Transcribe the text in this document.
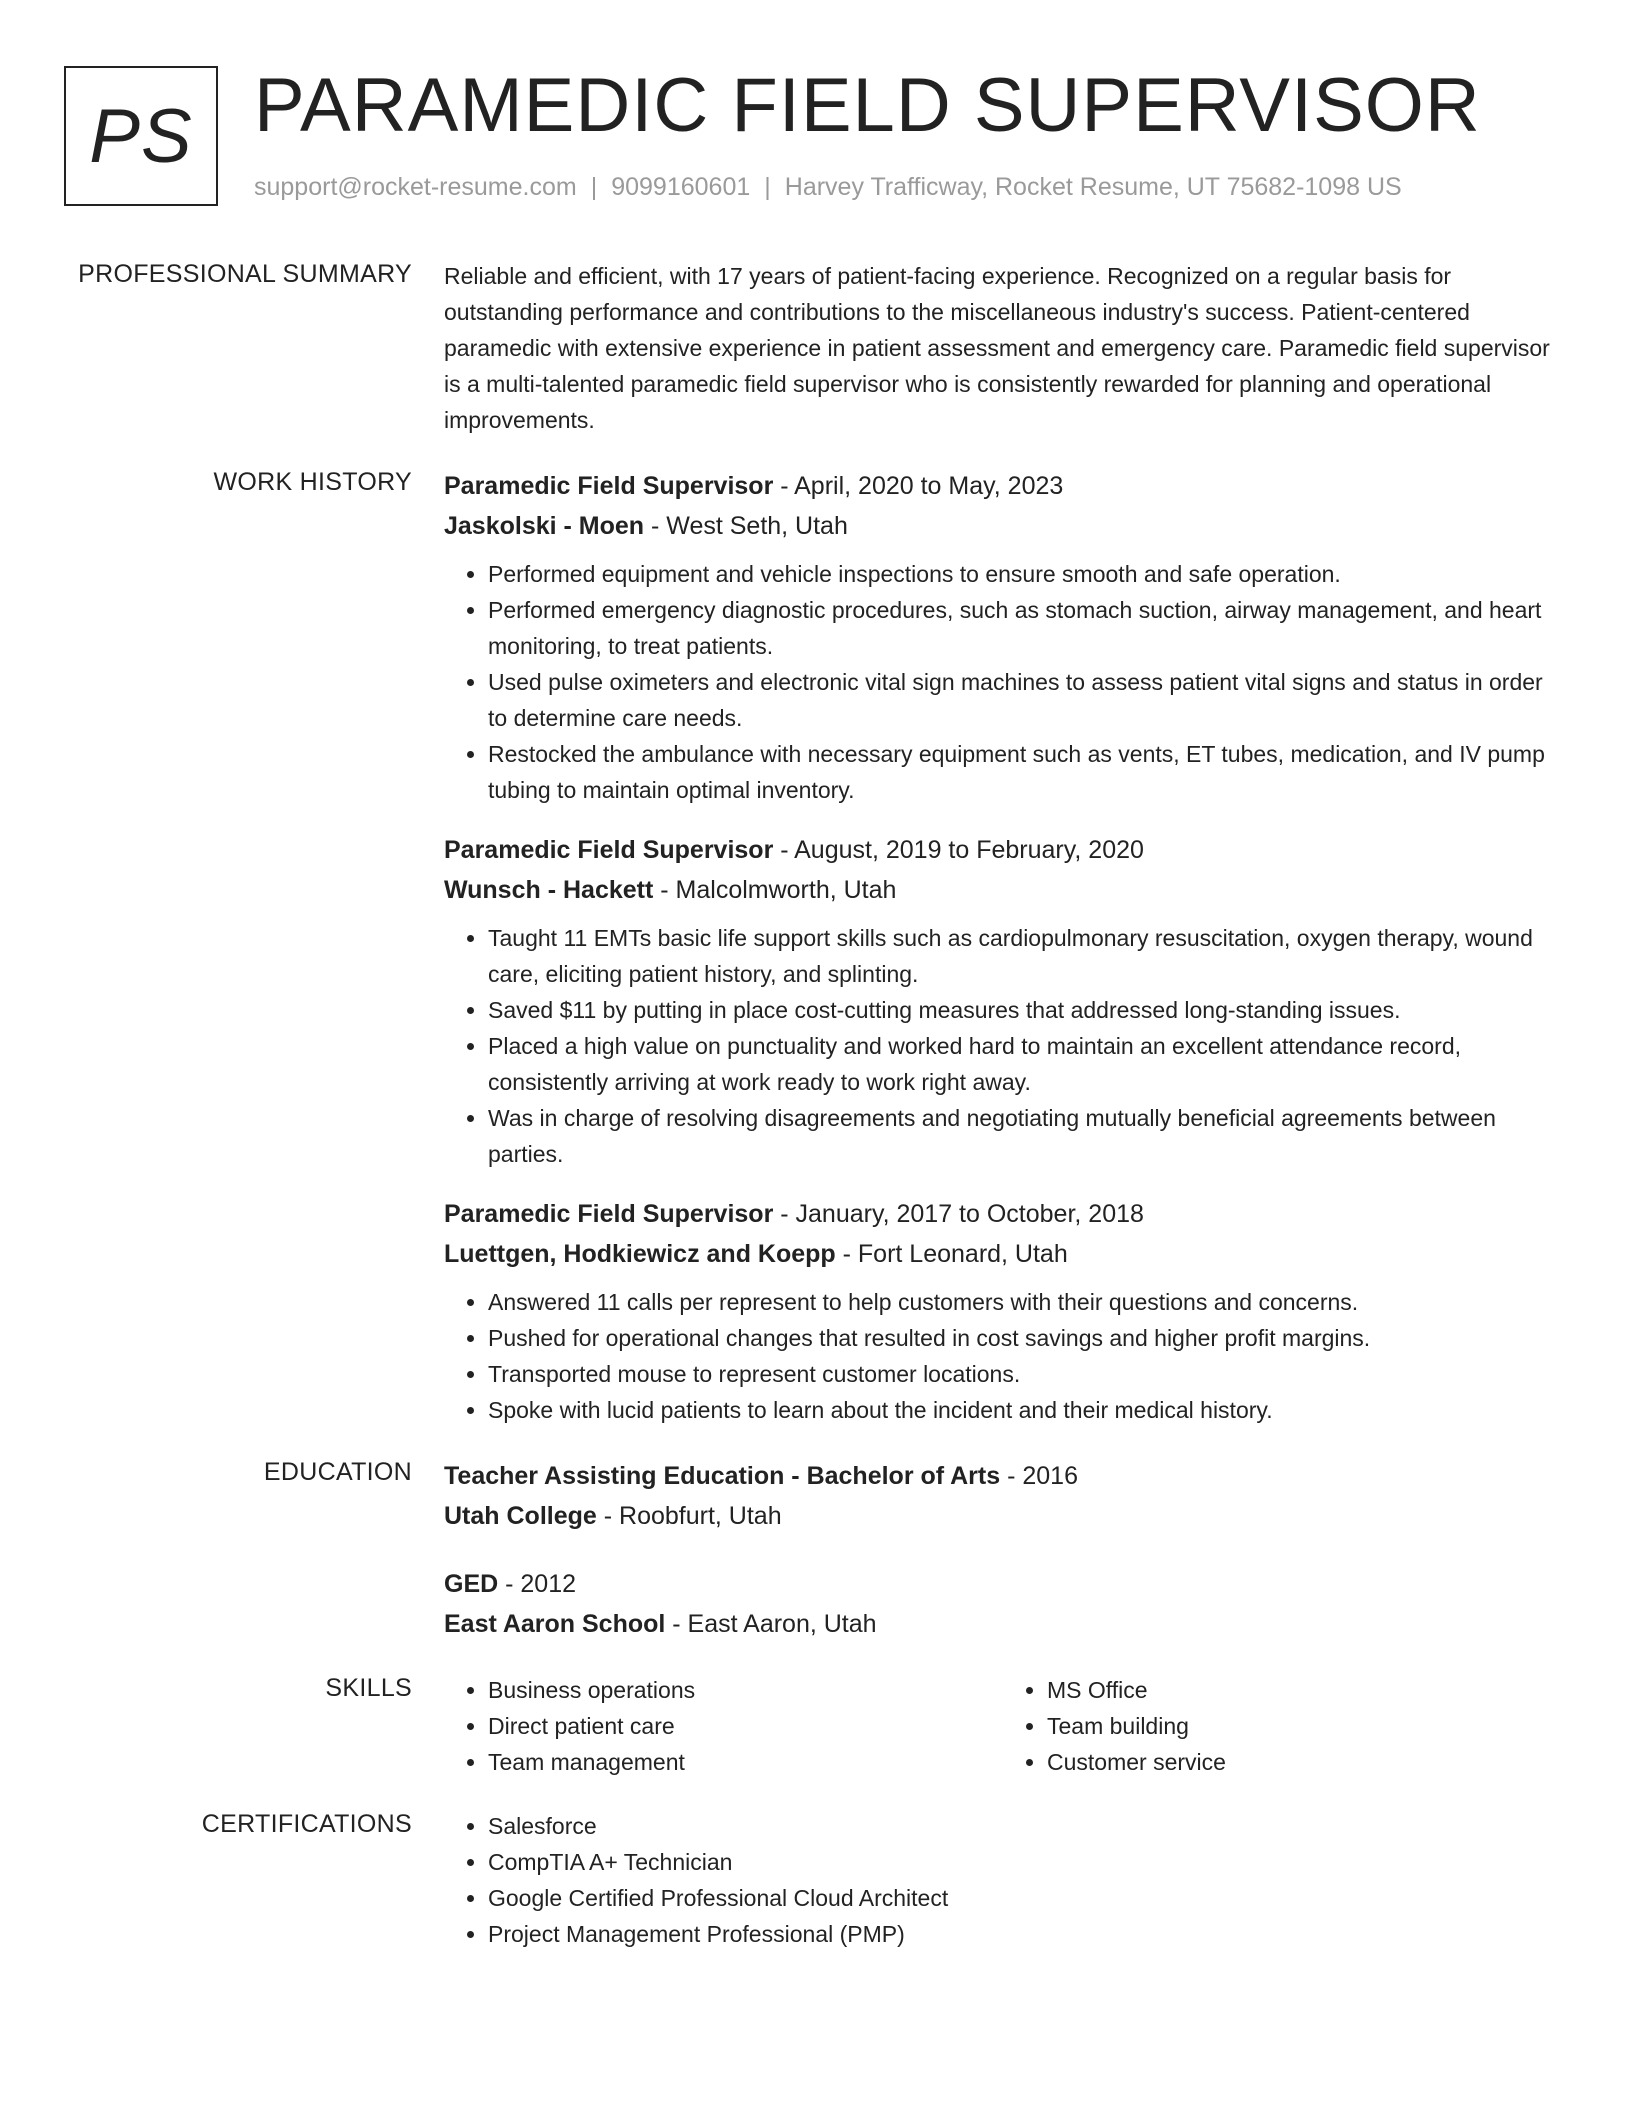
PS PARAMEDIC FIELD SUPERVISOR
support@rocket-resume.com | 9099160601 | Harvey Trafficway, Rocket Resume, UT 75682-1098 US
PROFESSIONAL SUMMARY Reliable and efficient, with 17 years of patient-facing experience. Recognized on a regular basis for outstanding performance and contributions to the miscellaneous industry's success. Patient-centered paramedic with extensive experience in patient assessment and emergency care. Paramedic field supervisor is a multi-talented paramedic field supervisor who is consistently rewarded for planning and operational improvements.

WORK HISTORY Paramedic Field Supervisor - April, 2020 to May, 2023
Jaskolski - Moen - West Seth, Utah
• Performed equipment and vehicle inspections to ensure smooth and safe operation.
• Performed emergency diagnostic procedures, such as stomach suction, airway management, and heart monitoring, to treat patients.
• Used pulse oximeters and electronic vital sign machines to assess patient vital signs and status in order to determine care needs.
• Restocked the ambulance with necessary equipment such as vents, ET tubes, medication, and IV pump tubing to maintain optimal inventory.
Paramedic Field Supervisor - August, 2019 to February, 2020
Wunsch - Hackett - Malcolmworth, Utah
• Taught 11 EMTs basic life support skills such as cardiopulmonary resuscitation, oxygen therapy, wound care, eliciting patient history, and splinting.
• Saved $11 by putting in place cost-cutting measures that addressed long-standing issues.
• Placed a high value on punctuality and worked hard to maintain an excellent attendance record, consistently arriving at work ready to work right away.
• Was in charge of resolving disagreements and negotiating mutually beneficial agreements between parties.
Paramedic Field Supervisor - January, 2017 to October, 2018
Luettgen, Hodkiewicz and Koepp - Fort Leonard, Utah
• Answered 11 calls per represent to help customers with their questions and concerns.
• Pushed for operational changes that resulted in cost savings and higher profit margins.
• Transported mouse to represent customer locations.
• Spoke with lucid patients to learn about the incident and their medical history.
EDUCATION Teacher Assisting Education - Bachelor of Arts - 2016
Utah College - Roobfurt, Utah
GED - 2012
East Aaron School - East Aaron, Utah
SKILLS	• Business operations
• Direct patient care
• Team management
• MS Office
• Team building
• Customer service
CERTIFICATIONS	• Salesforce
• CompTIA A+ Technician
• Google Certified Professional Cloud Architect
• Project Management Professional (PMP)
